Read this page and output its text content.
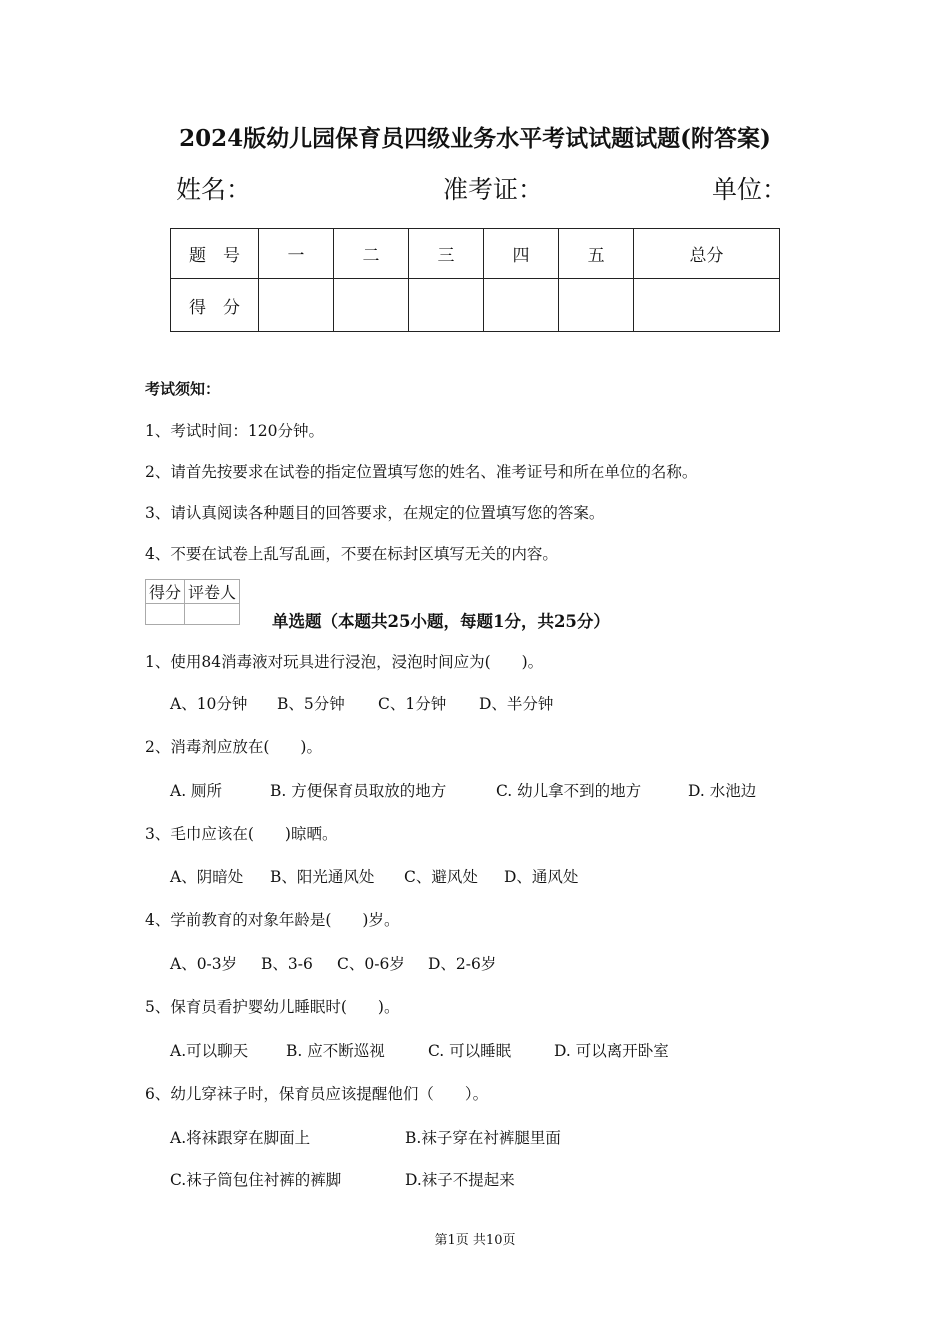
2024版幼儿园保育员四级业务水平考试试题试题(附答案)
姓名：	准考证：	单位：
题　号	一	二	三	四	五	总分
得　分						
考试须知：
1、考试时间：120分钟。
2、请首先按要求在试卷的指定位置填写您的姓名、准考证号和所在单位的名称。
3、请认真阅读各种题目的回答要求，在规定的位置填写您的答案。
4、不要在试卷上乱写乱画，不要在标封区填写无关的内容。
得分	评卷人

单选题（本题共25小题，每题1分，共25分）
1、使用84消毒液对玩具进行浸泡，浸泡时间应为(　　)。
A、10分钟 B、5分钟 C、1分钟 D、半分钟
2、消毒剂应放在(　　)。
A. 厕所	B. 方便保育员取放的地方	C. 幼儿拿不到的地方	D. 水池边
3、毛巾应该在(　　)晾晒。
A、阴暗处 B、阳光通风处 C、避风处 D、通风处
4、学前教育的对象年龄是(　　)岁。
A、0-3岁 B、3-6 C、0-6岁 D、2-6岁
5、保育员看护婴幼儿睡眠时(　　)。
A.可以聊天 B. 应不断巡视	C. 可以睡眠	D. 可以离开卧室
6、幼儿穿袜子时，保育员应该提醒他们（　　）。
A.将袜跟穿在脚面上	B.袜子穿在衬裤腿里面
C.袜子筒包住衬裤的裤脚	D.袜子不提起来
第1页 共10页
